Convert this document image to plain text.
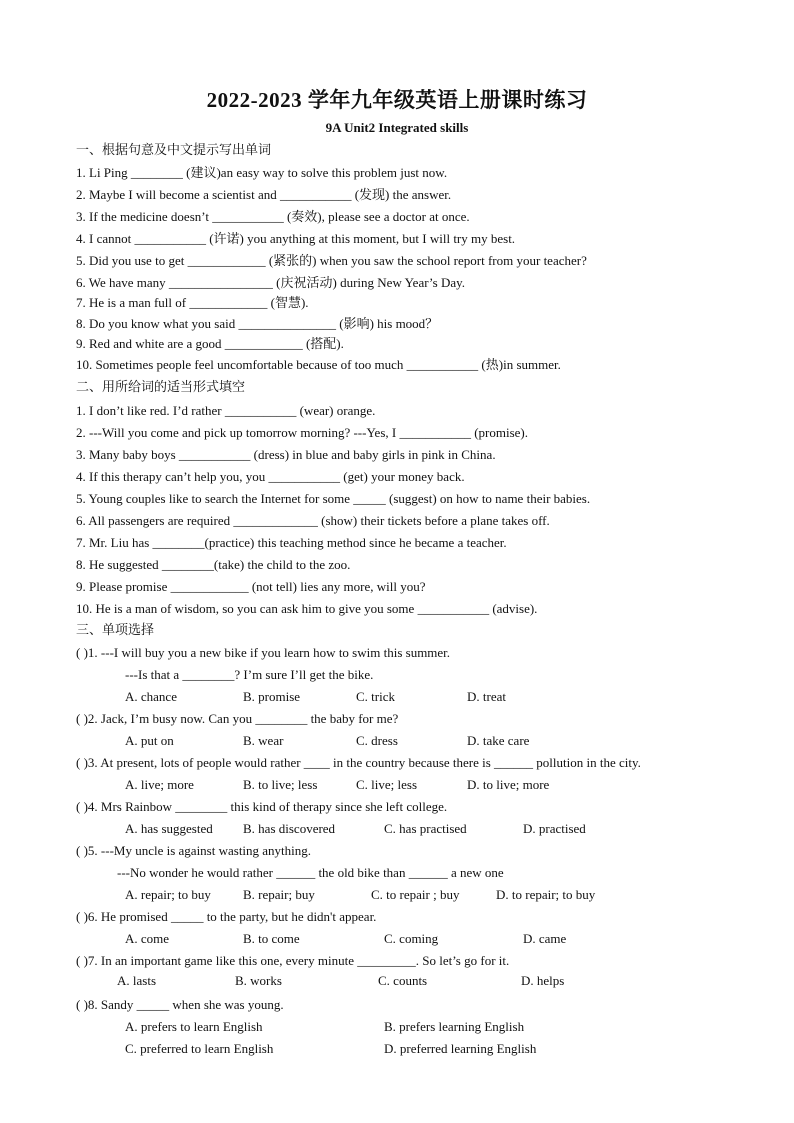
2022-2023 学年九年级英语上册课时练习
9A Unit2 Integrated skills
一、根据句意及中文提示写出单词
1. Li Ping ________ (建议)an easy way to solve this problem just now.
2. Maybe I will become a scientist and ___________ (发现) the answer.
3. If the medicine doesn’t ___________ (奏效), please see a doctor at once.
4. I cannot ___________ (许诺) you anything at this moment, but I will try my best.
5. Did you use to get ____________ (紧张的) when you saw the school report from your teacher?
6. We have many ________________ (庆祝活动) during New Year’s Day.
7. He is a man full of ____________ (智慧).
8. Do you know what you said _______________ (影响) his mood？
9. Red and white are a good ____________ (搭配).
10. Sometimes people feel uncomfortable because of too much ___________ (热)in summer.
二、用所给词的适当形式填空
1. I don’t like red. I’d rather ___________ (wear) orange.
2. ---Will you come and pick up tomorrow morning? ---Yes, I ___________ (promise).
3. Many baby boys ___________ (dress) in blue and baby girls in pink in China.
4. If this therapy can’t help you, you ___________ (get) your money back.
5. Young couples like to search the Internet for some _____ (suggest) on how to name their babies.
6. All passengers are required _____________ (show) their tickets before a plane takes off.
7. Mr. Liu has ________(practice) this teaching method since he became a teacher.
8. He suggested ________(take) the child to the zoo.
9. Please promise ____________ (not tell) lies any more, will you?
10. He is a man of wisdom, so you can ask him to give you some ___________ (advise).
三、单项选择
( )1. ---I will buy you a new bike if you learn how to swim this summer.
---Is that a ________? I’m sure I’ll get the bike.
A. chance	B. promise	C. trick	D. treat
( )2. Jack, I’m busy now. Can you ________ the baby for me?
A. put on	B. wear	C. dress	D. take care
( )3. At present, lots of people would rather ____ in the country because there is ______ pollution in the city.
A. live; more	B. to live; less	C. live; less	D. to live; more
( )4. Mrs Rainbow ________ this kind of therapy since she left college.
A. has suggested B. has discovered	C. has practised	D. practised
( )5. ---My uncle is against wasting anything.
---No wonder he would rather ______ the old bike than ______ a new one
A. repair; to buy B. repair; buy	C. to repair ; buy	D. to repair; to buy
( )6. He promised _____ to the party, but he didn't appear.
A. come	B. to come	C. coming	D. came
( )7. In an important game like this one, every minute _________. So let’s go for it.
A. lasts	B. works	C. counts	D. helps
( )8. Sandy _____ when she was young.
A. prefers to learn English	B. prefers learning English
C. preferred to learn English	D. preferred learning English
